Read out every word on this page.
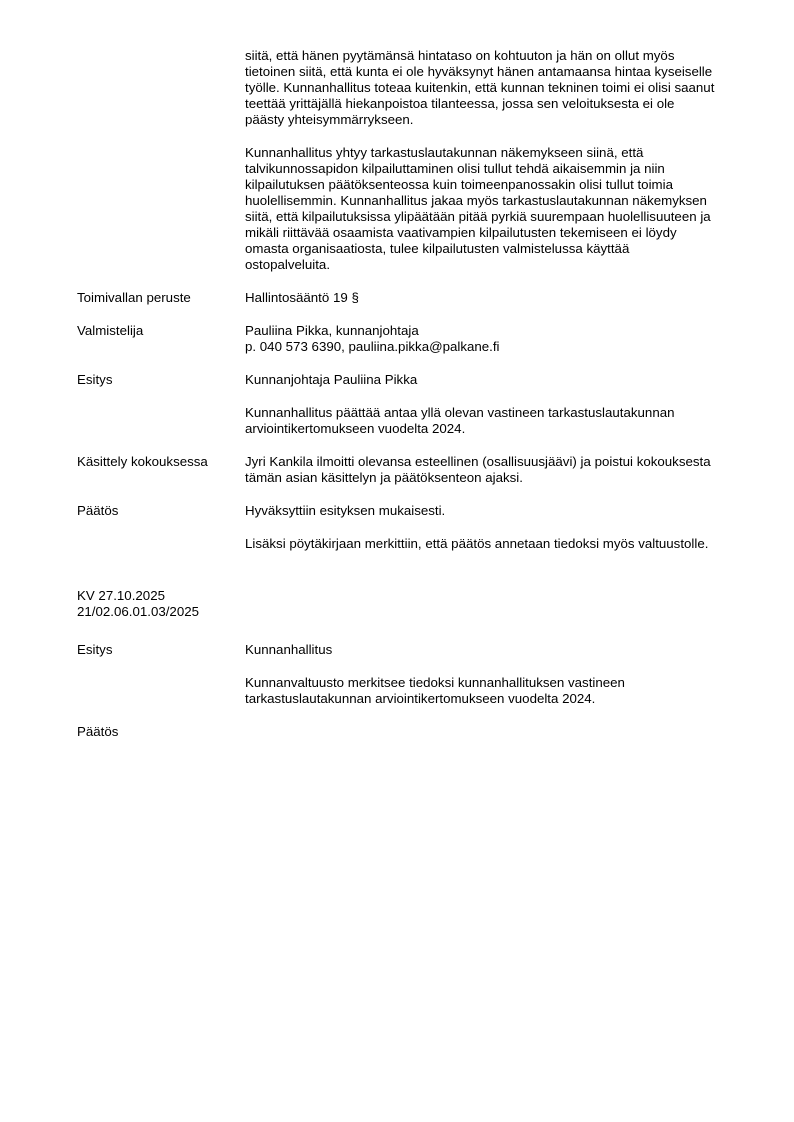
siitä, että hänen pyytämänsä hintataso on kohtuuton ja hän on ollut myös tietoinen siitä, että kunta ei ole hyväksynyt hänen antamaansa hintaa kyseiselle työlle. Kunnanhallitus toteaa kuitenkin, että kunnan tekninen toimi ei olisi saanut teettää yrittäjällä hiekanpoistoa tilanteessa, jossa sen veloituksesta ei ole päästy yhteisymmärrykseen.

Kunnanhallitus yhtyy tarkastuslautakunnan näkemykseen siinä, että talvikunnossapidon kilpailuttaminen olisi tullut tehdä aikaisemmin ja niin kilpailutuksen päätöksenteossa kuin toimeenpanossakin olisi tullut toimia huolellisemmin. Kunnanhallitus jakaa myös tarkastuslautakunnan näkemyksen siitä, että kilpailutuksissa ylipäätään pitää pyrkiä suurempaan huolellisuuteen ja mikäli riittävää osaamista vaativampien kilpailutusten tekemiseen ei löydy omasta organisaatiosta, tulee kilpailutusten valmistelussa käyttää ostopalveluita.

Toimivallan peruste	Hallintosääntö 19 §

Valmistelija	Pauliina Pikka, kunnanjohtaja
p. 040 573 6390, pauliina.pikka@palkane.fi

Esitys	Kunnanjohtaja Pauliina Pikka

Kunnanhallitus päättää antaa yllä olevan vastineen tarkastuslautakunnan arviointikertomukseen vuodelta 2024.

Käsittely kokouksessa	Jyri Kankila ilmoitti olevansa esteellinen (osallisuusjäävi) ja poistui kokouksesta tämän asian käsittelyn ja päätöksenteon ajaksi.

Päätös	Hyväksyttiin esityksen mukaisesti.

Lisäksi pöytäkirjaan merkittiin, että päätös annetaan tiedoksi myös valtuustolle.

KV 27.10.2025
21/02.06.01.03/2025
Esitys	Kunnanhallitus

Kunnanvaltuusto merkitsee tiedoksi kunnanhallituksen vastineen tarkastuslautakunnan arviointikertomukseen vuodelta 2024.

Päätös
